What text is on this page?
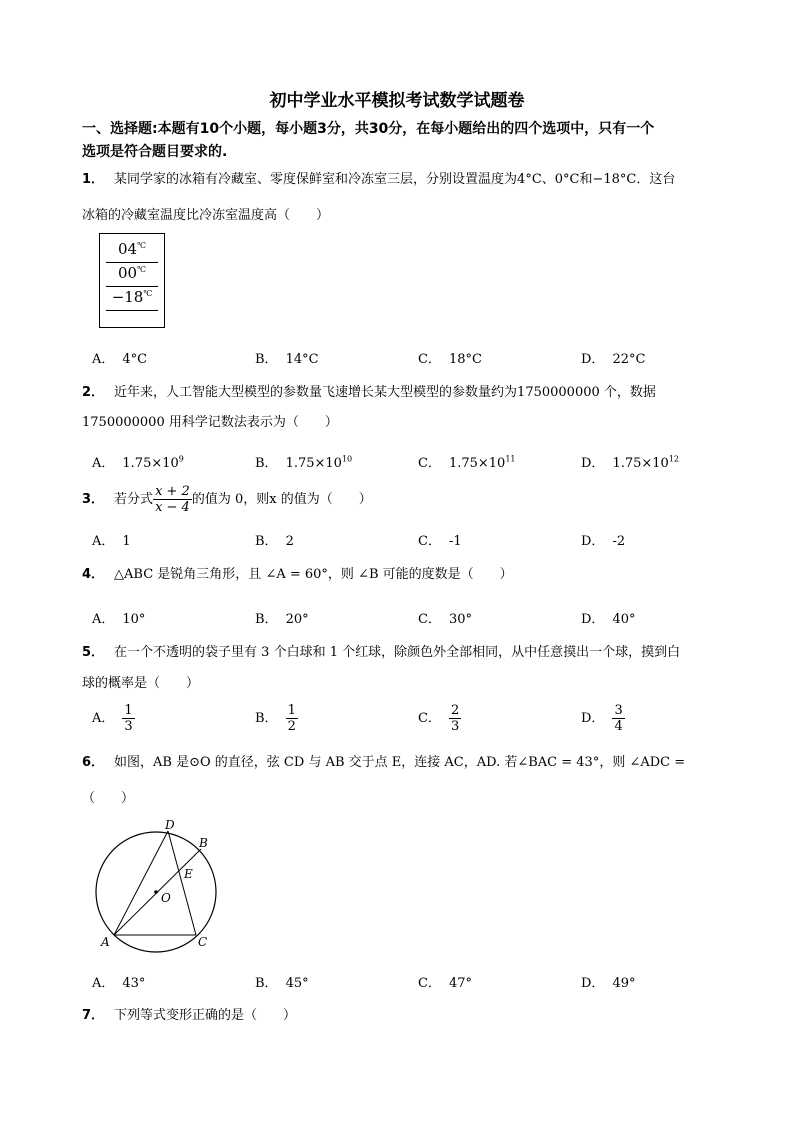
初中学业水平模拟考试数学试题卷
一、选择题:本题有10个小题，每小题3分，共30分，在每小题给出的四个选项中，只有一个
选项是符合题目要求的.
1． 某同学家的冰箱有冷藏室、零度保鲜室和冷冻室三层，分别设置温度为4°C、0°C和−18°C．这台
冰箱的冷藏室温度比冷冻室温度高（　　）
04℃
00℃
−18℃
A． 4°C	B． 14°C	C． 18°C	D． 22°C
2． 近年来，人工智能大型模型的参数量飞速增长某大型模型的参数量约为1750000000 个，数据
1750000000 用科学记数法表示为（　　）
A． $1.75\times 10^9$	B． $1.75\times 10^{10}$	C． $1.75\times 10^{11}$	D． $1.75\times 10^{12}$
3． 若分式 $\frac{x + 2}{x - 4}$ 的值为 0，则x 的值为（　　）
A． 1	B． 2	C． -1	D． -2
4． △ABC 是锐角三角形，且 ∠A = 60°，则 ∠B 可能的度数是（　　）
A． 10°	B． 20°	C． 30°	D． 40°
5． 在一个不透明的袋子里有 3 个白球和 1 个红球，除颜色外全部相同，从中任意摸出一个球，摸到白
球的概率是（　　）
A． $\frac{1}{3}$	B． $\frac{1}{2}$	C． $\frac{2}{3}$	D． $\frac{3}{4}$
6． 如图，AB 是⊙O 的直径，弦 CD 与 AB 交于点 E，连接 AC，AD. 若∠BAC = 43°，则 ∠ADC =
（　　）
D
B
E
O
A	C
A． 43°	B． 45°	C． 47°	D． 49°
7． 下列等式变形正确的是（　　）
